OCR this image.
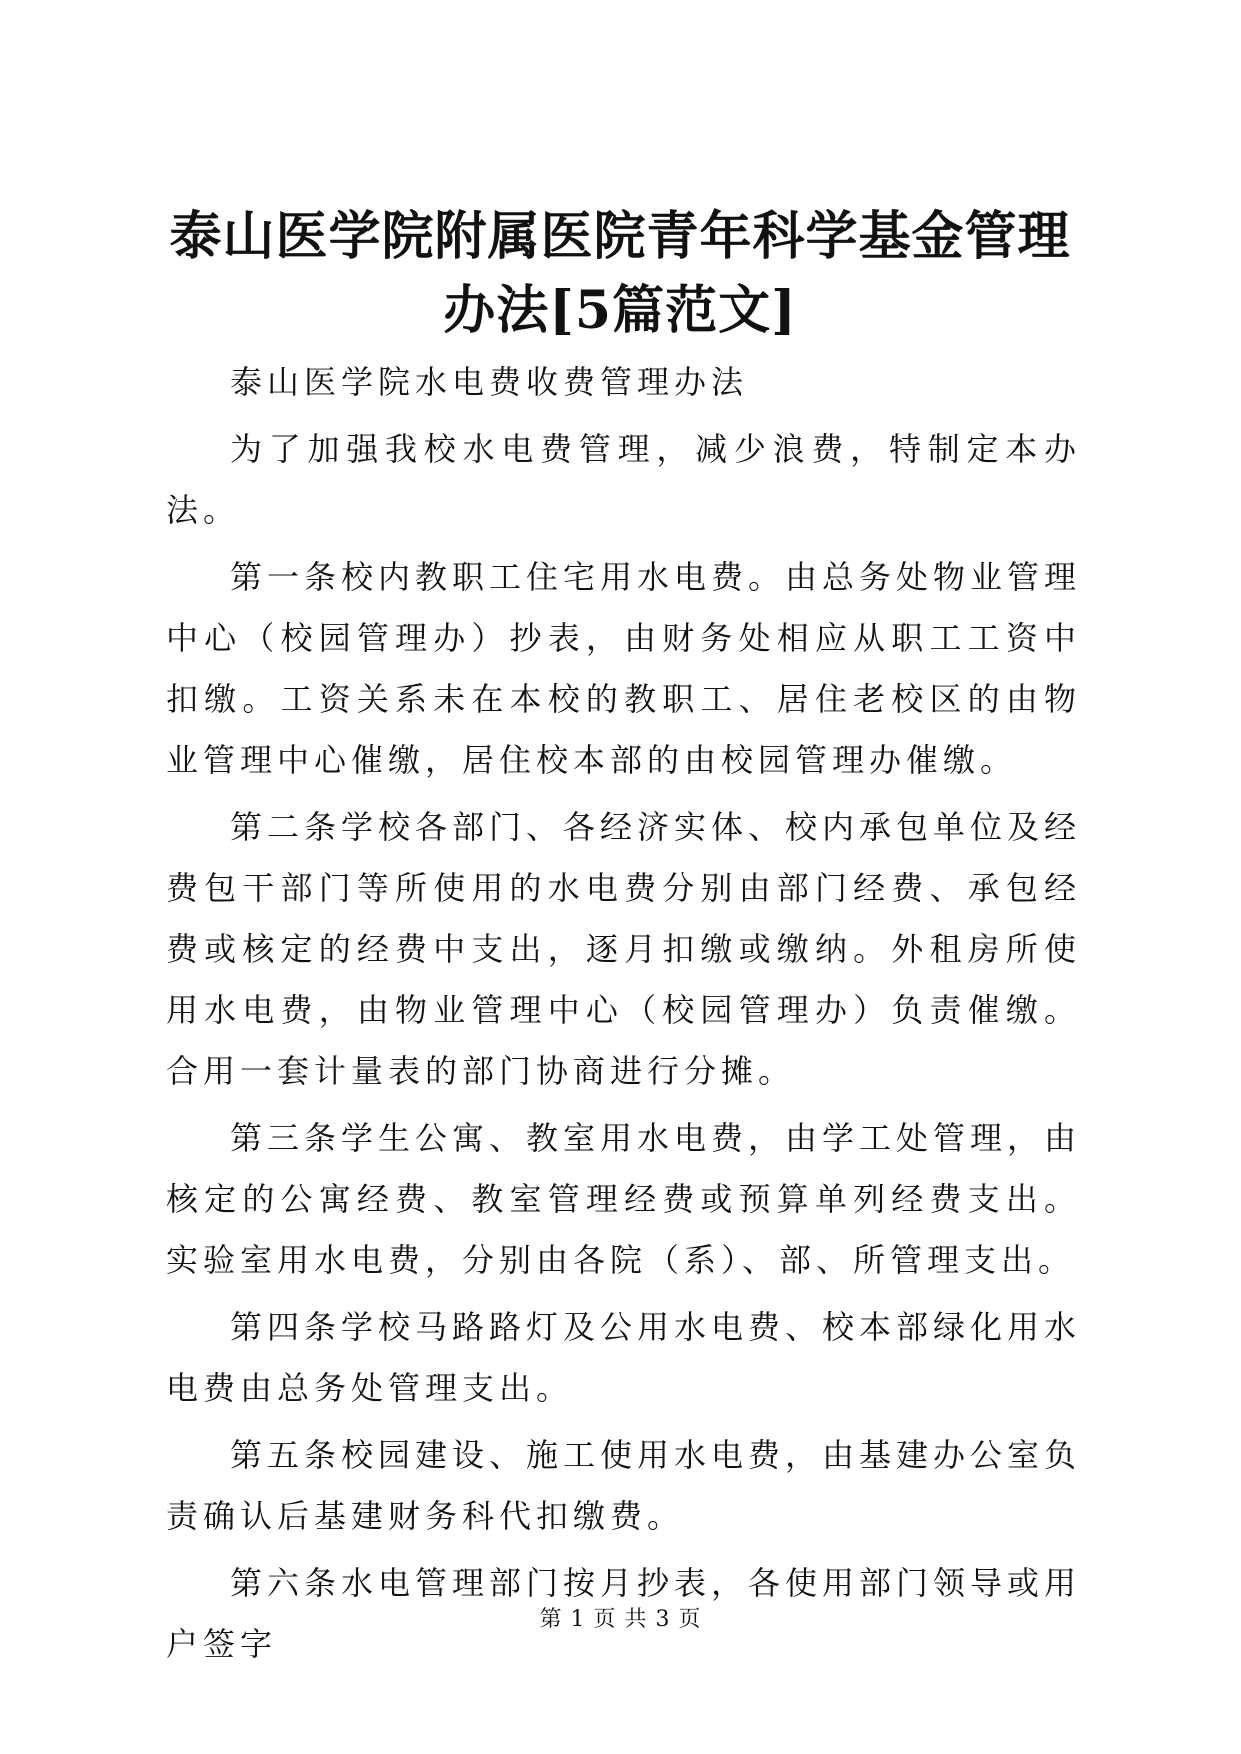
泰山医学院附属医院青年科学基金管理办法[5篇范文]

泰山医学院水电费收费管理办法

为了加强我校水电费管理，减少浪费，特制定本办法。

第一条校内教职工住宅用水电费。由总务处物业管理中心（校园管理办）抄表，由财务处相应从职工工资中扣缴。工资关系未在本校的教职工、居住老校区的由物业管理中心催缴，居住校本部的由校园管理办催缴。

第二条学校各部门、各经济实体、校内承包单位及经费包干部门等所使用的水电费分别由部门经费、承包经费或核定的经费中支出，逐月扣缴或缴纳。外租房所使用水电费，由物业管理中心（校园管理办）负责催缴。合用一套计量表的部门协商进行分摊。

第三条学生公寓、教室用水电费，由学工处管理，由核定的公寓经费、教室管理经费或预算单列经费支出。实验室用水电费，分别由各院（系）、部、所管理支出。

第四条学校马路路灯及公用水电费、校本部绿化用水电费由总务处管理支出。

第五条校园建设、施工使用水电费，由基建办公室负责确认后基建财务科代扣缴费。

第六条水电管理部门按月抄表，各使用部门领导或用户签字

第 1 页 共 3 页
